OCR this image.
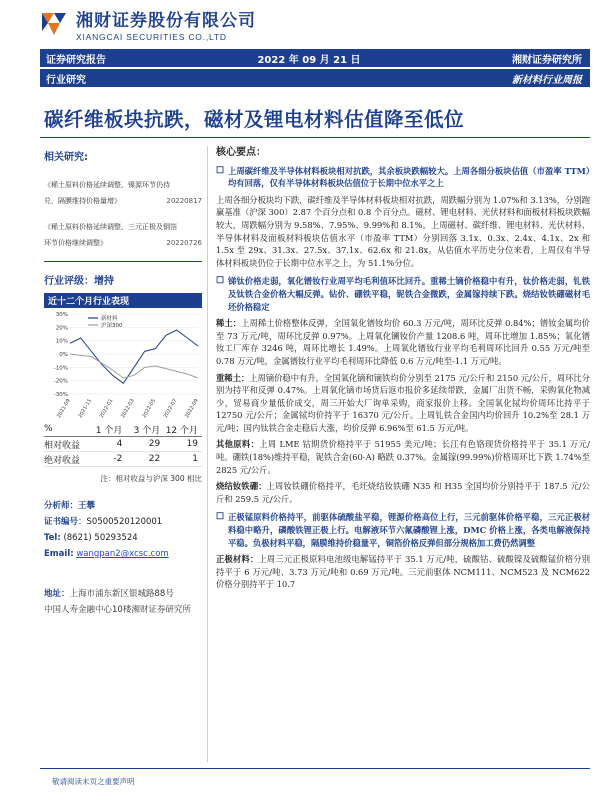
湘财证券股份有限公司
XIANGCAI SECURITIES CO.,LTD
证券研究报告	2022 年 09 月 21 日	湘财证券研究所
行业研究	新材料行业周报
碳纤维板块抗跌，磁材及锂电材料估值降至低位
相关研究:
《稀土原料价格延续调整、镍源环节仍待
兑，隔膜维持价格量增》	20220817
《稀土原料价格延续调整、三元正极及铜箔
环节价格继续调整》	20220726
行业评级：增持
近十二个月行业表现
30%
20%
10%
0%
-10%
-20%
-30%
2021-09 2021-11 2022-01 2022-03 2022-05 2022-07 2022-09
新材料
沪深300
%	1 个月	3 个月 12 个月
相对收益	4	29	19
绝对收益	-2	22	1
注：相对收益与沪深 300 相比
分析师：王攀
证书编号：S0500520120001
Tel: (8621) 50293524
Email: wangpan2@xcsc.com
地址：上海市浦东新区银城路88号
中国人寿金融中心10楼湘财证券研究所
核心要点：
☐ 上周碳纤维及半导体材料板块相对抗跌，其余板块跌幅较大。上周各细分板块估值（市盈率 TTM）均有回落，仅有半导体材料板块估值位于长期中位水平之上

上周各细分板块均下跌，碳纤维及半导体材料板块相对抗跌，周跌幅分别为 1.07%和 3.13%，分别跑赢基准（沪深 300）2.87 个百分点和 0.8 个百分点。磁材、锂电材料、光伏材料和面板材料板块跌幅较大，周跌幅分别为 9.58%、7.95%、9.99%和 8.1%。上周磁材、碳纤维、锂电材料、光伏材料、半导体材料及面板材料板块估值水平（市盈率 TTM）分别回落 3.1x、0.3x、2.4x、4.1x、2x 和 1.5x 至 29x、31.3x、27.5x、37.1x、62.6x 和 21.8x。从估值水平历史分位来看，上周仅有半导体材料板块仍位于长期中位水平之上，为 51.1%分位。
☐ 锑钛价格走弱，氧化镨钕行业周平均毛利值环比回升。重稀土镝价格稳中有升，钛价格走弱，钆铁及钛铁合金价格大幅反弹。钻价、硼铁平稳，铌铁合金微跌，金属镓持续下跌。烧结钕铁硼磁材毛坯价格稳定

稀土：上周稀土价格整体反弹，全国氧化镨钕均价 60.3 万元/吨，周环比反弹 0.84%；镨钕金属均价至 73 万元/吨，周环比反弹 0.97%。上周氧化镧钕价产量 1208.6 吨，周环比增加 1.85%；氧化镨钕工厂库存 3246 吨，周环比增长 1.49%。上周氧化镨钕行业平均毛利周环比回升 0.55 万元/吨至 0.78 万元/吨，金属镨钕行业平均毛利周环比降低 0.6 万元/吨至-1.1 万元/吨。
重稀土：上周镝价稳中有升，全国氧化镝和镝铁均价分别至 2175 元/公斤和 2150 元/公斤，周环比分别为持平和反弹 0.47%。上周氧化镝市场货后返市报价多延续带跌，金属厂出货不畅，采购氧化物减少，贸易商少量低价成交，周三开始大厂询单采购，商家报价上移。全国氧化铽均价周环比持平于 12750 元/公斤；金属铽均价持平于 16370 元/公斤。上周钆铁合金国内均价回升 10.2%至 28.1 万元/吨；国内钛铁合金走稳后大涨，均价反弹 6.96%至 61.5 万元/吨。
其他原料：上周 LME 钴期货价格持平于 51955 美元/吨；长江有色铬现货价格持平于 35.1 万元/吨。硼铁(18%)维持平稳，铌铁合金(60-A) 略跌 0.37%。金属镓(99.99%)价格周环比下跌 1.74%至 2825 元/公斤。
烧结钕铁硼：上周钕铁硼价格持平，毛坯烧结钕铁硼 N35 和 H35 全国均价分别持平于 187.5 元/公斤和 259.5 元/公斤。
☐ 正极锰原料价格持平，前驱体硫酸盐平稳，锂源价格高位上行，三元前驱体价格平稳，三元正极材料稳中略升，磷酸铁锂正极上行。电解液环节六氟磷酸锂上涨，DMC 价格上涨，各类电解液保持平稳。负极材料平稳，隔膜维持价稳量平，铜箔价格反弹但部分规格加工费仍然调整

正极材料：上周三元正极原料电池级电解锰持平于 35.1 万元/吨，硫酸钴、硫酸镍及硫酸锰价格分别持平于 6 万元/吨、3.73 万元/吨和 0.69 万元/吨。三元前驱体 NCM111、NCM523 及 NCM622 价格分别持平于 10.7
敬请阅读末页之重要声明
